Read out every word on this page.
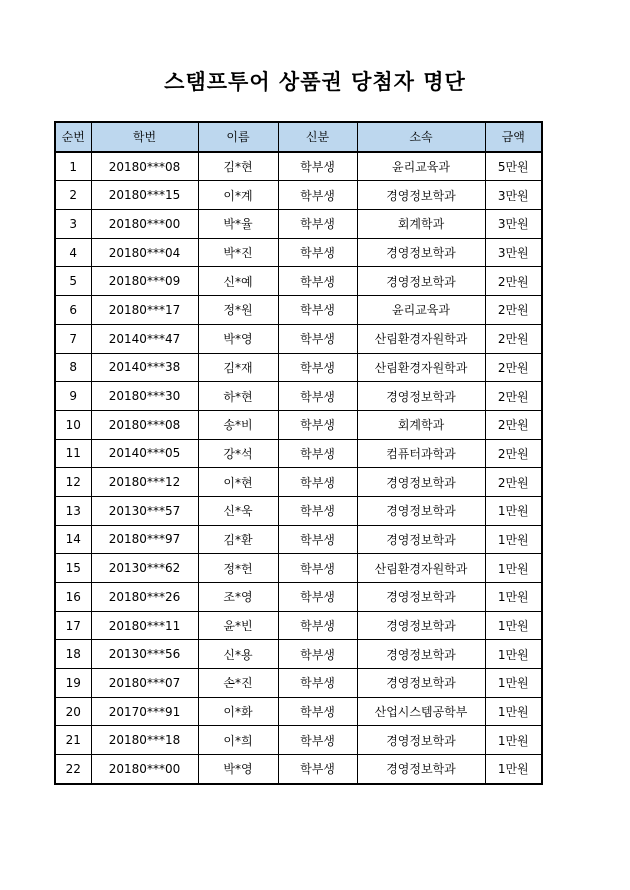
스탬프투어 상품권 당첨자 명단
순번	학번	이름	신분	소속	금액
1	20180***08	김*현	학부생	윤리교육과	5만원
2	20180***15	이*계	학부생	경영정보학과	3만원
3	20180***00	박*율	학부생	회계학과	3만원
4	20180***04	박*진	학부생	경영정보학과	3만원
5	20180***09	신*예	학부생	경영정보학과	2만원
6	20180***17	정*원	학부생	윤리교육과	2만원
7	20140***47	박*영	학부생	산림환경자원학과	2만원
8	20140***38	김*재	학부생	산림환경자원학과	2만원
9	20180***30	하*현	학부생	경영정보학과	2만원
10	20180***08	송*비	학부생	회계학과	2만원
11	20140***05	강*석	학부생	컴퓨터과학과	2만원
12	20180***12	이*현	학부생	경영정보학과	2만원
13	20130***57	신*욱	학부생	경영정보학과	1만원
14	20180***97	김*환	학부생	경영정보학과	1만원
15	20130***62	정*헌	학부생	산림환경자원학과	1만원
16	20180***26	조*영	학부생	경영정보학과	1만원
17	20180***11	윤*빈	학부생	경영정보학과	1만원
18	20130***56	신*용	학부생	경영정보학과	1만원
19	20180***07	손*진	학부생	경영정보학과	1만원
20	20170***91	이*화	학부생	산업시스템공학부	1만원
21	20180***18	이*희	학부생	경영정보학과	1만원
22	20180***00	박*영	학부생	경영정보학과	1만원
